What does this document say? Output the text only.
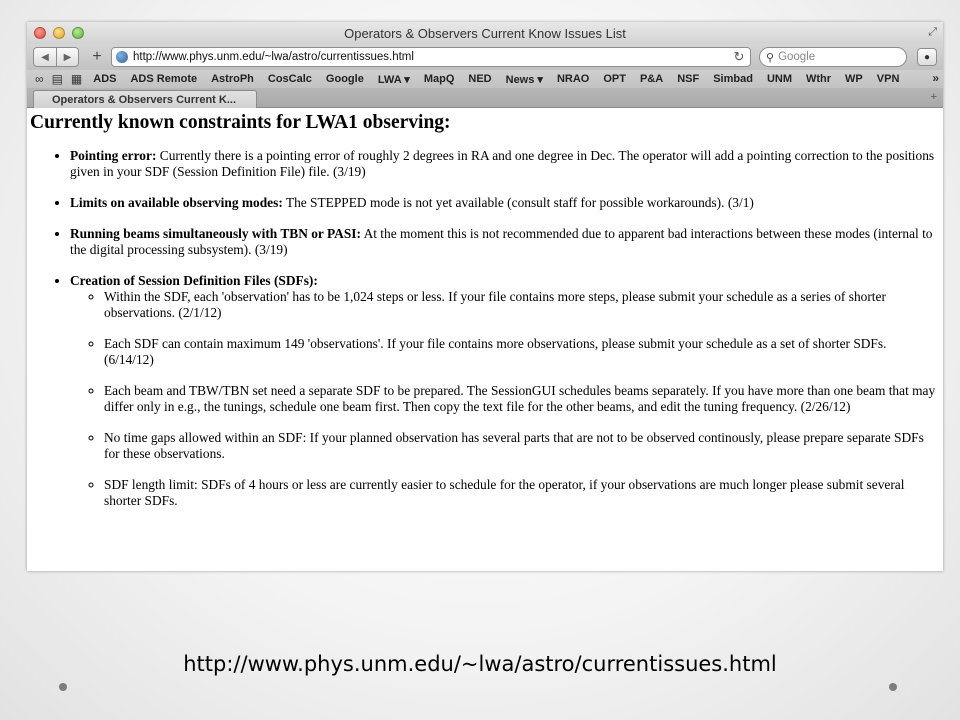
Operators & Observers Current Know Issues List	⤢
◀	▶	+	http://www.phys.unm.edu/~lwa/astro/currentissues.html	↻	⚲ Google	●
∞ ▤ ▦ ADS ADS Remote AstroPh CosCalc Google LWA ▾ MapQ NED News ▾ NRAO OPT P&A NSF Simbad UNM Wthr WP VPN	»
Operators & Observers Current K...	+
Currently known constraints for LWA1 observing:
• Pointing error: Currently there is a pointing error of roughly 2 degrees in RA and one degree in Dec. The operator will add a pointing correction to the positions given in your SDF (Session Definition File) file. (3/19)
• Limits on available observing modes: The STEPPED mode is not yet available (consult staff for possible workarounds). (3/1)
• Running beams simultaneously with TBN or PASI: At the moment this is not recommended due to apparent bad interactions between these modes (internal to the digital processing subsystem). (3/19)
• Creation of Session Definition Files (SDFs):
◦ Within the SDF, each 'observation' has to be 1,024 steps or less. If your file contains more steps, please submit your schedule as a series of shorter observations. (2/1/12)
◦ Each SDF can contain maximum 149 'observations'. If your file contains more observations, please submit your schedule as a set of shorter SDFs. (6/14/12)
◦ Each beam and TBW/TBN set need a separate SDF to be prepared. The SessionGUI schedules beams separately. If you have more than one beam that may differ only in e.g., the tunings, schedule one beam first. Then copy the text file for the other beams, and edit the tuning frequency. (2/26/12)
◦ No time gaps allowed within an SDF: If your planned observation has several parts that are not to be observed continously, please prepare separate SDFs for these observations.
◦ SDF length limit: SDFs of 4 hours or less are currently easier to schedule for the operator, if your observations are much longer please submit several shorter SDFs.
http://www.phys.unm.edu/~lwa/astro/currentissues.html
